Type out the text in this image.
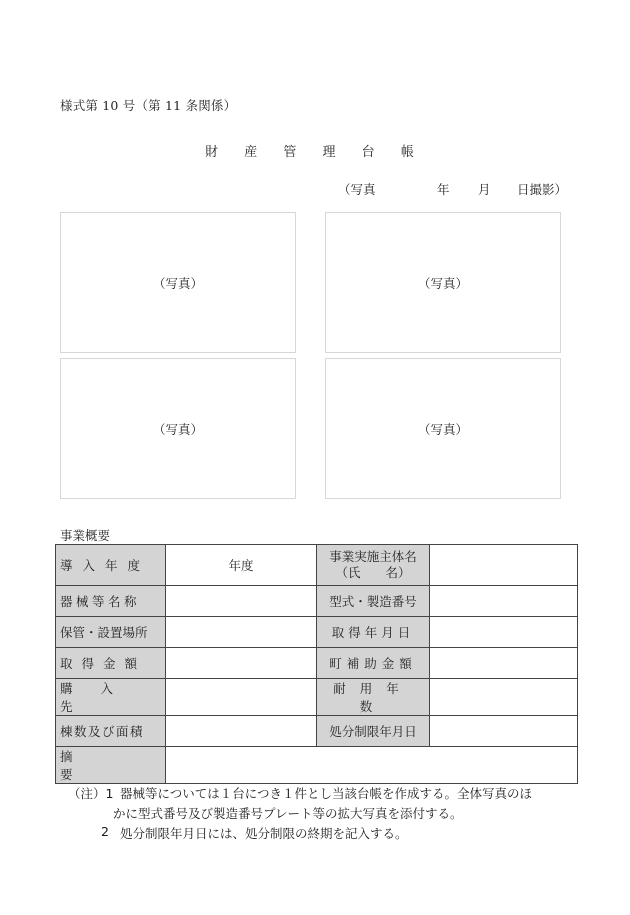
様式第 10 号（第 11 条関係）
財 産 管 理 台 帳
（写真	年 月 日撮影）
（写真）	（写真）
（写真）	（写真）
事業概要
導入年度	年度	事業実施主体名
（氏　　名）	

器械等名称		型式・製造番号	
保管・設置場所		取得年月日	
取得金額		町補助金額	
購入先		耐用年数	
棟数及び面積		処分制限年月日	
摘要			
（注）1 器械等については１台につき１件とし当該台帳を作成する。全体写真のほ
かに型式番号及び製造番号プレート等の拡大写真を添付する。
2 処分制限年月日には、処分制限の終期を記入する。
